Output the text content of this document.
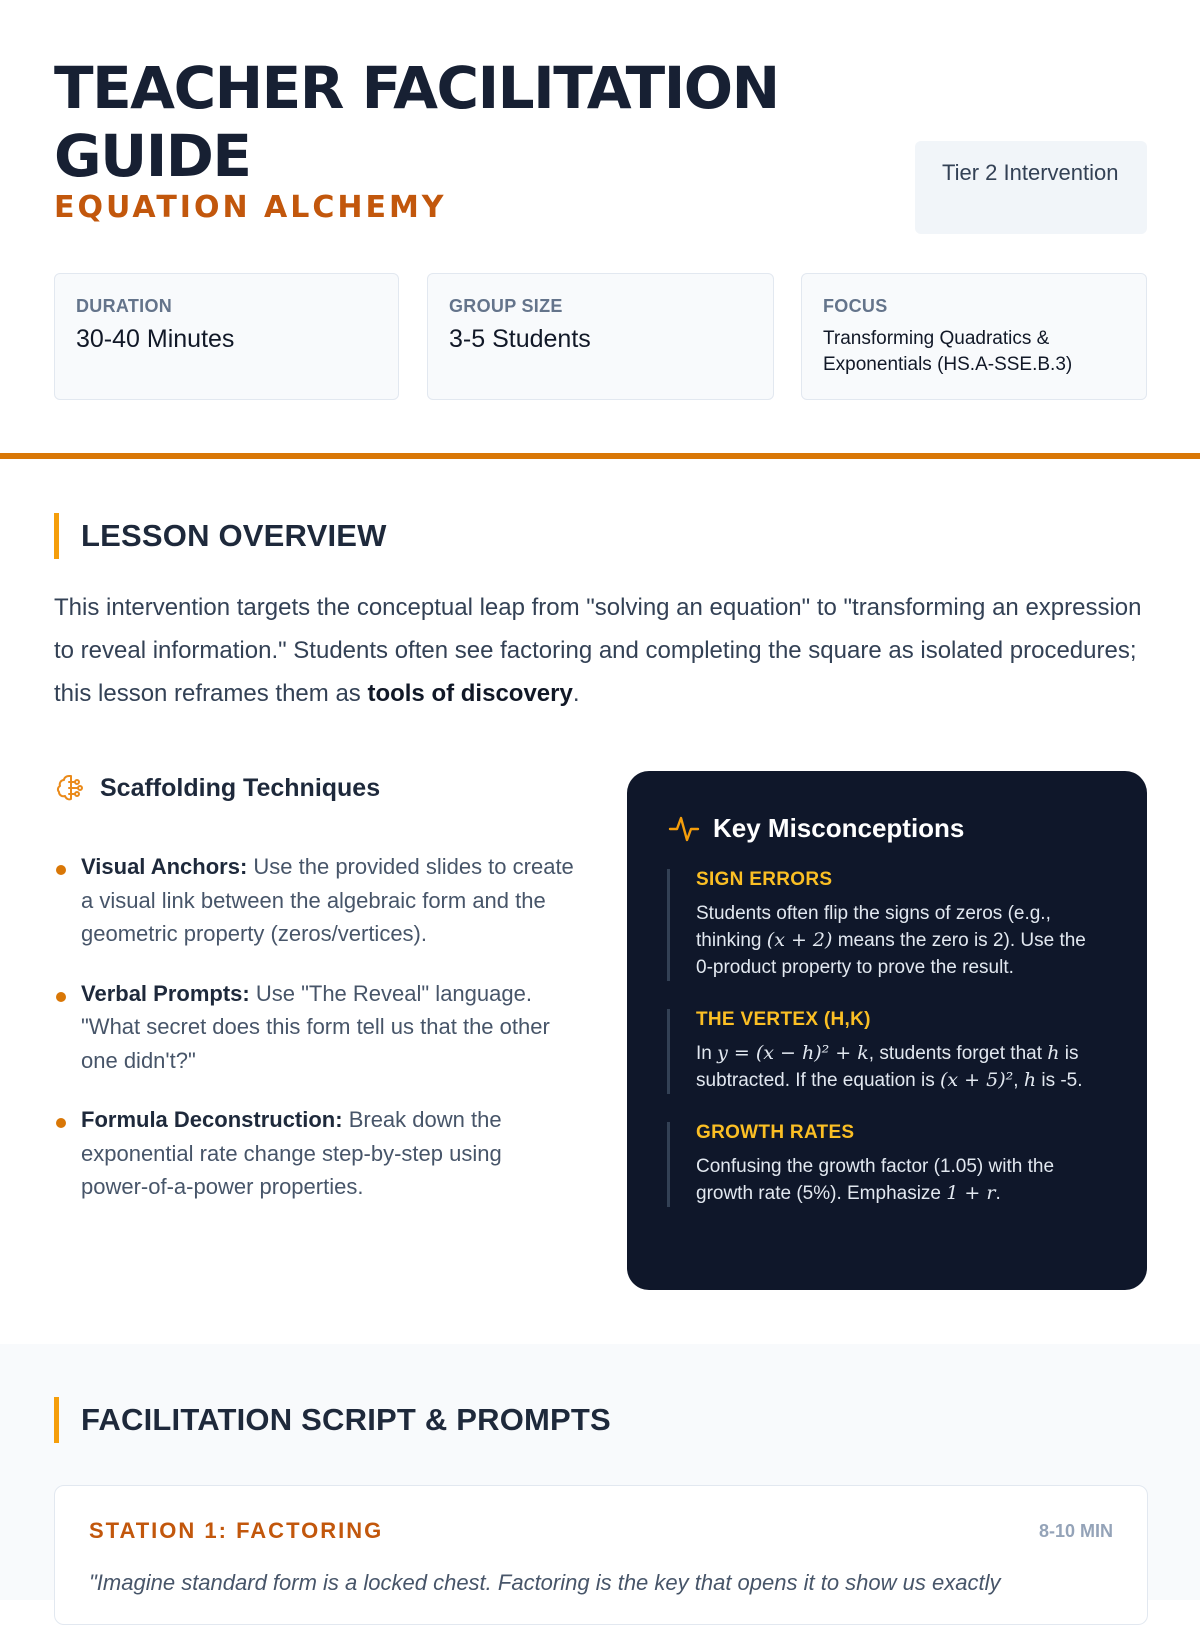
TEACHER FACILITATION GUIDE
EQUATION ALCHEMY
Tier 2 Intervention
DURATION
30-40 Minutes
GROUP SIZE
3-5 Students
FOCUS
Transforming Quadratics & Exponentials (HS.A-SSE.B.3)
LESSON OVERVIEW

This intervention targets the conceptual leap from "solving an equation" to "transforming an expression to reveal information." Students often see factoring and completing the square as isolated procedures; this lesson reframes them as tools of discovery.

Scaffolding Techniques
Visual Anchors: Use the provided slides to create a visual link between the algebraic form and the geometric property (zeros/vertices).
Verbal Prompts: Use "The Reveal" language. "What secret does this form tell us that the other one didn't?"
Formula Deconstruction: Break down the exponential rate change step-by-step using power-of-a-power properties.
Key Misconceptions
SIGN ERRORS
Students often flip the signs of zeros (e.g., thinking (x + 2) means the zero is 2). Use the 0-product property to prove the result.
THE VERTEX (H,K)
In y = (x − h)² + k, students forget that h is subtracted. If the equation is (x + 5)², h is -5.
GROWTH RATES
Confusing the growth factor (1.05) with the growth rate (5%). Emphasize 1 + r.
FACILITATION SCRIPT & PROMPTS
STATION 1: FACTORING	8-10 MIN
"Imagine standard form is a locked chest. Factoring is the key that opens it to show us exactly
